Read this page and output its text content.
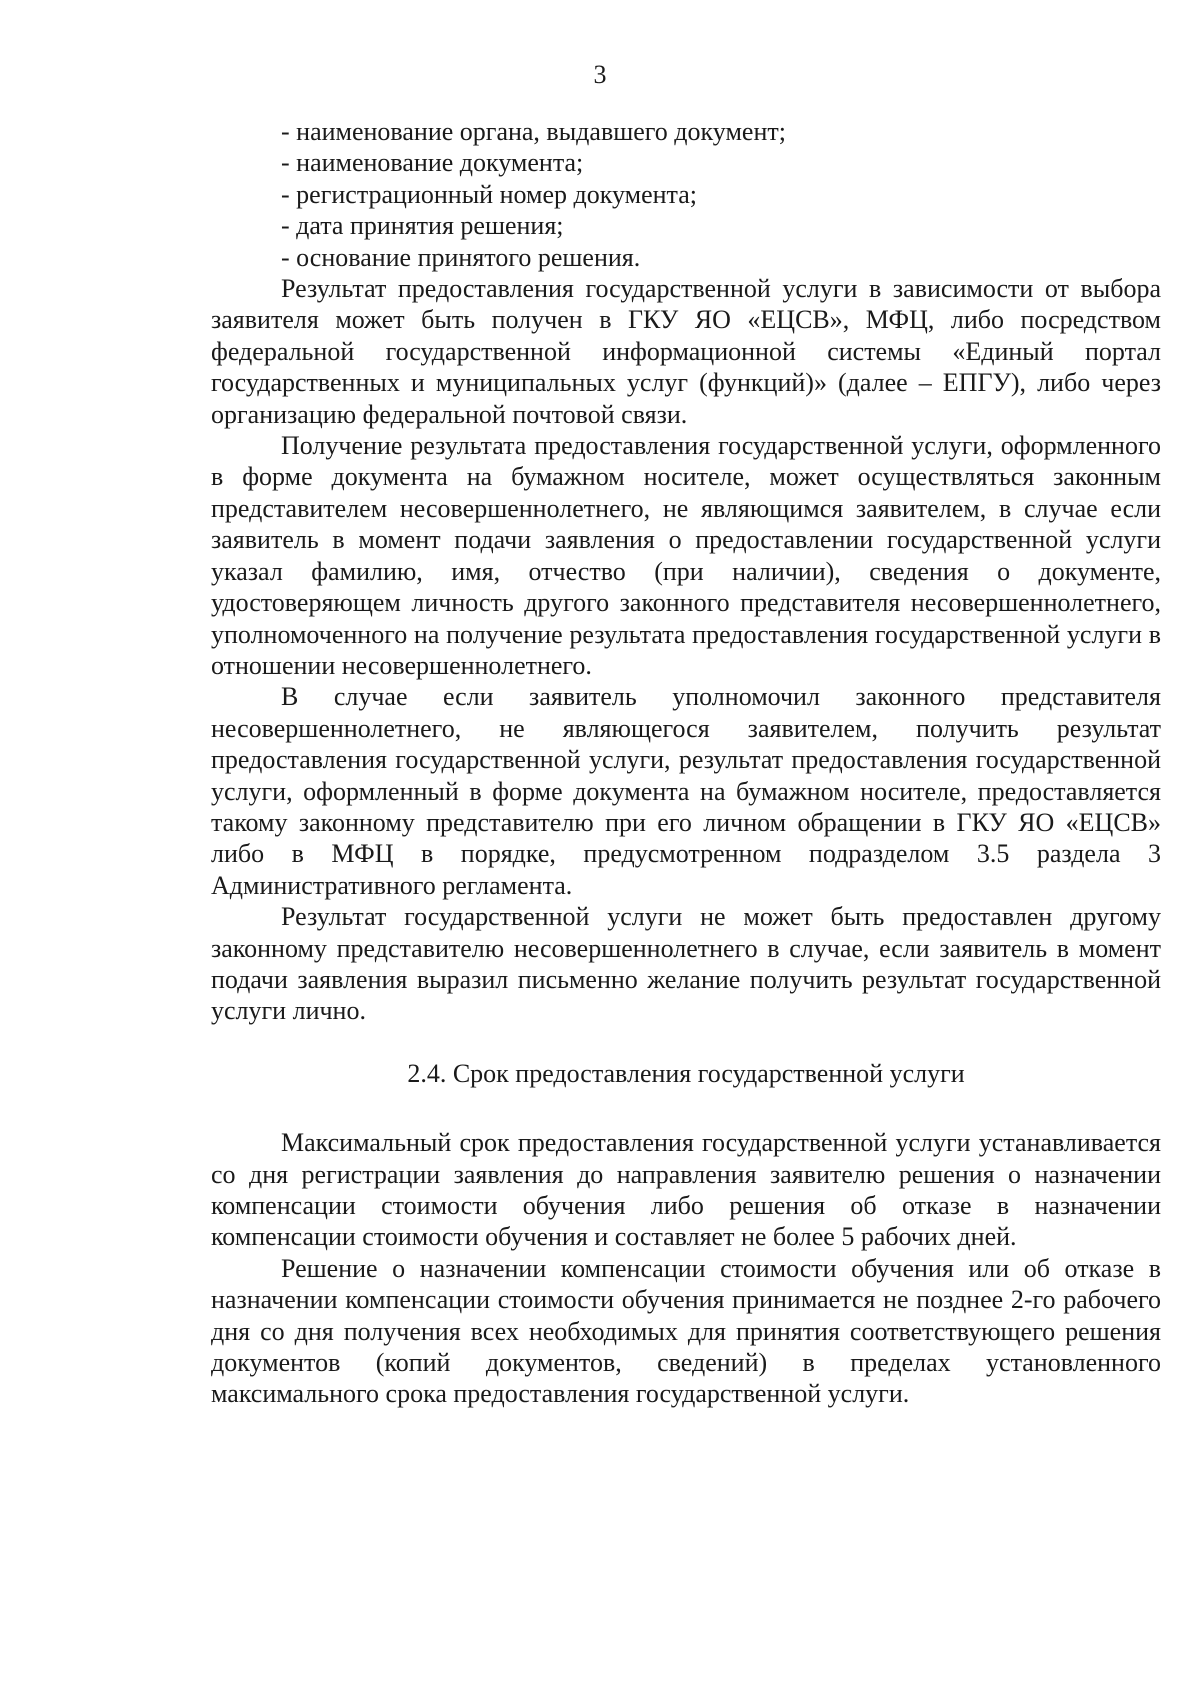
3

- наименование органа, выдавшего документ;

- наименование документа;

- регистрационный номер документа;

- дата принятия решения;

- основание принятого решения.

Результат предоставления государственной услуги в зависимости от выбора заявителя может быть получен в ГКУ ЯО «ЕЦСВ», МФЦ, либо посредством федеральной государственной информационной системы «Единый портал государственных и муниципальных услуг (функций)» (далее – ЕПГУ), либо через организацию федеральной почтовой связи.

Получение результата предоставления государственной услуги, оформленного в форме документа на бумажном носителе, может осуществляться законным представителем несовершеннолетнего, не являющимся заявителем, в случае если заявитель в момент подачи заявления о предоставлении государственной услуги указал фамилию, имя, отчество (при наличии), сведения о документе, удостоверяющем личность другого законного представителя несовершеннолетнего, уполномоченного на получение результата предоставления государственной услуги в отношении несовершеннолетнего.

В случае если заявитель уполномочил законного представителя несовершеннолетнего, не являющегося заявителем, получить результат предоставления государственной услуги, результат предоставления государственной услуги, оформленный в форме документа на бумажном носителе, предоставляется такому законному представителю при его личном обращении в ГКУ ЯО «ЕЦСВ» либо в МФЦ в порядке, предусмотренном подразделом 3.5 раздела 3 Административного регламента.

Результат государственной услуги не может быть предоставлен другому законному представителю несовершеннолетнего в случае, если заявитель в момент подачи заявления выразил письменно желание получить результат государственной услуги лично.

2.4. Срок предоставления государственной услуги

Максимальный срок предоставления государственной услуги устанавливается со дня регистрации заявления до направления заявителю решения о назначении компенсации стоимости обучения либо решения об отказе в назначении компенсации стоимости обучения и составляет не более 5 рабочих дней.

Решение о назначении компенсации стоимости обучения или об отказе в назначении компенсации стоимости обучения принимается не позднее 2-го рабочего дня со дня получения всех необходимых для принятия соответствующего решения документов (копий документов, сведений) в пределах установленного максимального срока предоставления государственной услуги.
